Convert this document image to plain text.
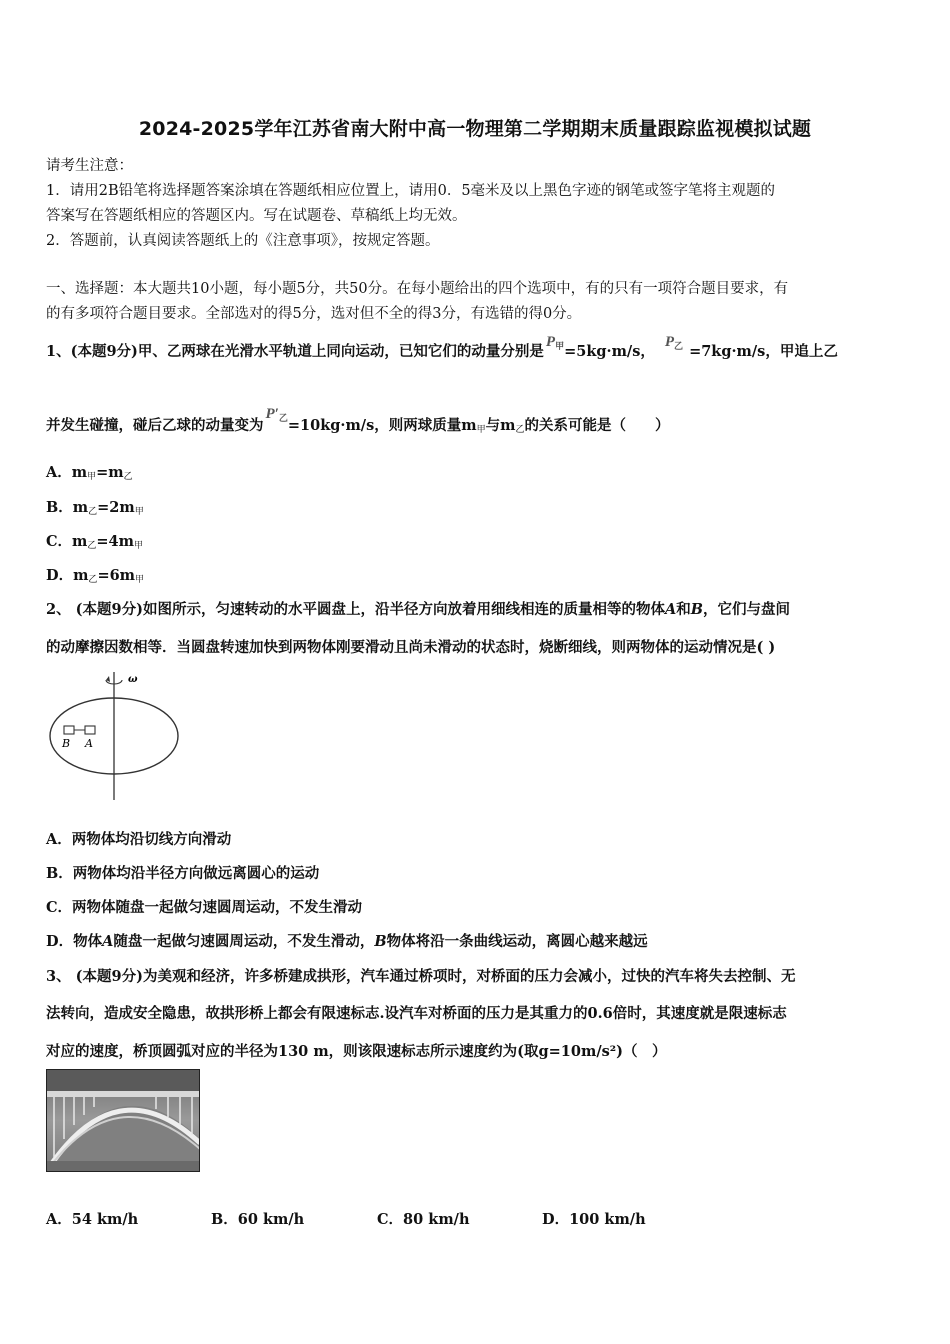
2024-2025学年江苏省南大附中高一物理第二学期期末质量跟踪监视模拟试题
请考生注意：
1．请用2B铅笔将选择题答案涂填在答题纸相应位置上，请用0．5毫米及以上黑色字迹的钢笔或签字笔将主观题的
答案写在答题纸相应的答题区内。写在试题卷、草稿纸上均无效。
2．答题前，认真阅读答题纸上的《注意事项》，按规定答题。
一、选择题：本大题共10小题，每小题5分，共50分。在每小题给出的四个选项中，有的只有一项符合题目要求，有
的有多项符合题目要求。全部选对的得5分，选对但不全的得3分，有选错的得0分。
1、(本题9分)甲、乙两球在光滑水平轨道上同向运动，已知它们的动量分别是$P_甲=5kg\cdot m/s$，$P_乙 =7kg\cdot m/s$，甲追上乙
并发生碰撞，碰后乙球的动量变为$P'_乙=10kg\cdot m/s$，则两球质量$m_甲$与$m_乙$的关系可能是（　　）
A．$m_甲=m_乙$
B．$m_乙=2m_甲$
C．$m_乙=4m_甲$
D．$m_乙=6m_甲$
2、 (本题9分)如图所示，匀速转动的水平圆盘上，沿半径方向放着用细线相连的质量相等的物体A和B，它们与盘间
的动摩擦因数相等．当圆盘转速加快到两物体刚要滑动且尚未滑动的状态时，烧断细线，则两物体的运动情况是( )
ω
B A
A．两物体均沿切线方向滑动
B．两物体均沿半径方向做远离圆心的运动
C．两物体随盘一起做匀速圆周运动，不发生滑动
D．物体A随盘一起做匀速圆周运动，不发生滑动，B物体将沿一条曲线运动，离圆心越来越远
3、 (本题9分)为美观和经济，许多桥建成拱形，汽车通过桥项时，对桥面的压力会减小，过快的汽车将失去控制、无
法转向，造成安全隐患，故拱形桥上都会有限速标志.设汽车对桥面的压力是其重力的0.6倍时，其速度就是限速标志
对应的速度，桥顶圆弧对应的半径为130 m，则该限速标志所示速度约为(取g=10m/s²)（　）
A．54 km/h	B．60 km/h	C．80 km/h	D．100 km/h
